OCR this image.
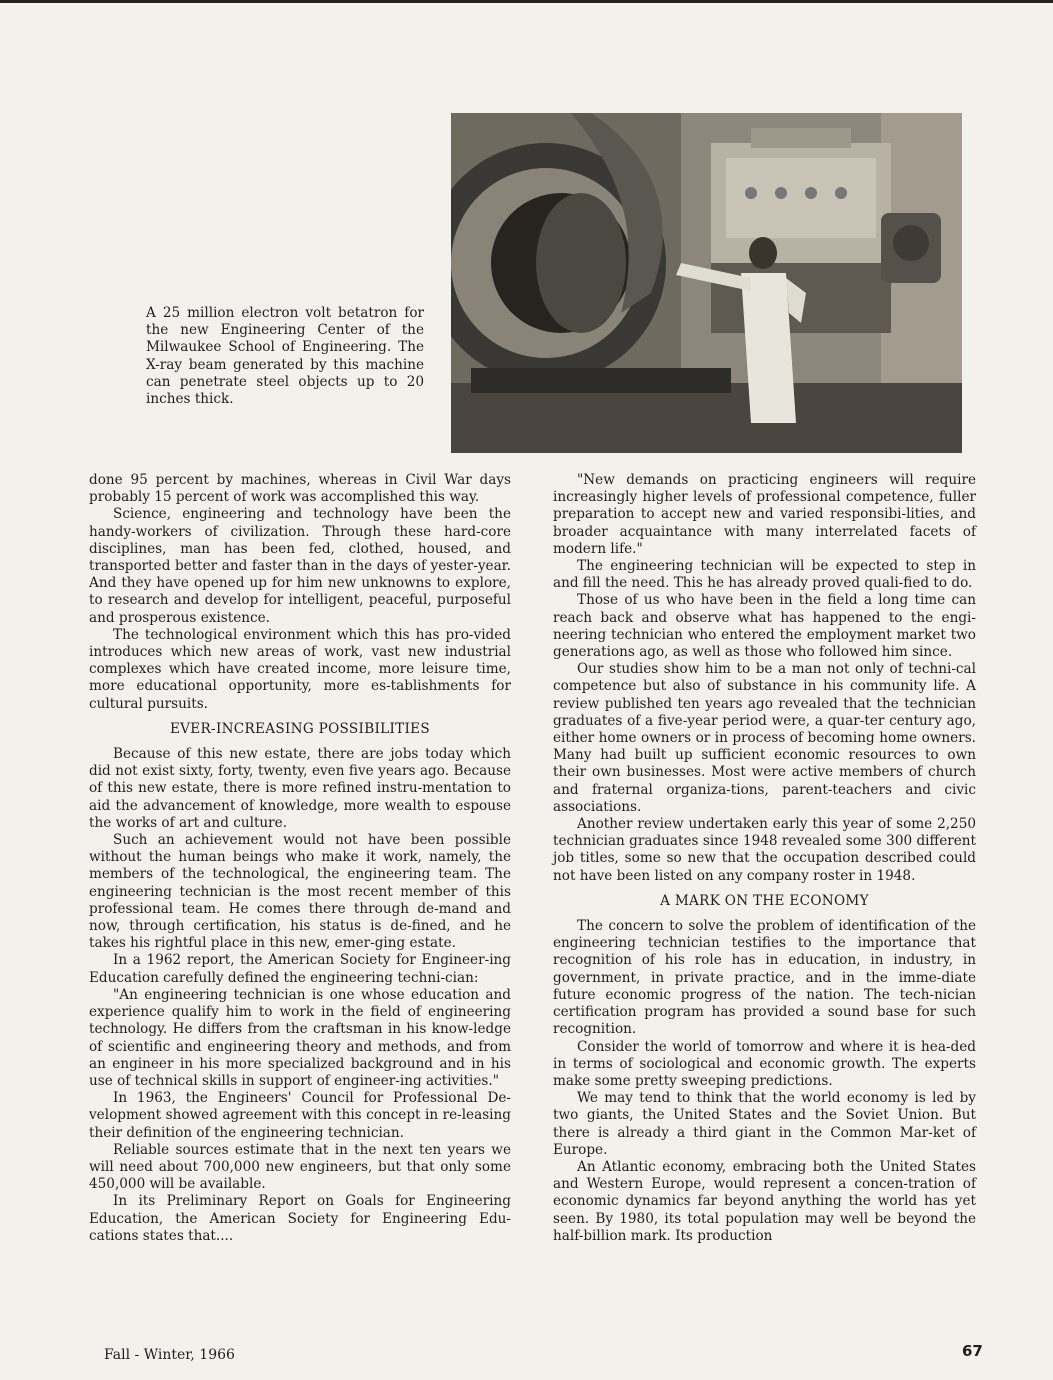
A 25 million electron volt betatron for the new Engineering Center of the Milwaukee School of Engineering. The X-ray beam generated by this machine can penetrate steel objects up to 20 inches thick.

done 95 percent by machines, whereas in Civil War days probably 15 percent of work was accomplished this way.

Science, engineering and technology have been the handy-workers of civilization. Through these hard-core disciplines, man has been fed, clothed, housed, and transported better and faster than in the days of yester-year. And they have opened up for him new unknowns to explore, to research and develop for intelligent, peaceful, purposeful and prosperous existence.

The technological environment which this has pro-vided introduces which new areas of work, vast new industrial complexes which have created income, more leisure time, more educational opportunity, more es-tablishments for cultural pursuits.

EVER-INCREASING POSSIBILITIES

Because of this new estate, there are jobs today which did not exist sixty, forty, twenty, even five years ago. Because of this new estate, there is more refined instru-mentation to aid the advancement of knowledge, more wealth to espouse the works of art and culture.

Such an achievement would not have been possible without the human beings who make it work, namely, the members of the technological, the engineering team. The engineering technician is the most recent member of this professional team. He comes there through de-mand and now, through certification, his status is de-fined, and he takes his rightful place in this new, emer-ging estate.

In a 1962 report, the American Society for Engineer-ing Education carefully defined the engineering techni-cian:

"An engineering technician is one whose education and experience qualify him to work in the field of engineering technology. He differs from the craftsman in his know-ledge of scientific and engineering theory and methods, and from an engineer in his more specialized background and in his use of technical skills in support of engineer-ing activities."

In 1963, the Engineers' Council for Professional De-velopment showed agreement with this concept in re-leasing their definition of the engineering technician.

Reliable sources estimate that in the next ten years we will need about 700,000 new engineers, but that only some 450,000 will be available.

In its Preliminary Report on Goals for Engineering Education, the American Society for Engineering Edu-cations states that....

"New demands on practicing engineers will require increasingly higher levels of professional competence, fuller preparation to accept new and varied responsibi-lities, and broader acquaintance with many interrelated facets of modern life."

The engineering technician will be expected to step in and fill the need. This he has already proved quali-fied to do.

Those of us who have been in the field a long time can reach back and observe what has happened to the engi-neering technician who entered the employment market two generations ago, as well as those who followed him since.

Our studies show him to be a man not only of techni-cal competence but also of substance in his community life. A review published ten years ago revealed that the technician graduates of a five-year period were, a quar-ter century ago, either home owners or in process of becoming home owners. Many had built up sufficient economic resources to own their own businesses. Most were active members of church and fraternal organiza-tions, parent-teachers and civic associations.

Another review undertaken early this year of some 2,250 technician graduates since 1948 revealed some 300 different job titles, some so new that the occupation described could not have been listed on any company roster in 1948.

A MARK ON THE ECONOMY

The concern to solve the problem of identification of the engineering technician testifies to the importance that recognition of his role has in education, in industry, in government, in private practice, and in the imme-diate future economic progress of the nation. The tech-nician certification program has provided a sound base for such recognition.

Consider the world of tomorrow and where it is hea-ded in terms of sociological and economic growth. The experts make some pretty sweeping predictions.

We may tend to think that the world economy is led by two giants, the United States and the Soviet Union. But there is already a third giant in the Common Mar-ket of Europe.

An Atlantic economy, embracing both the United States and Western Europe, would represent a concen-tration of economic dynamics far beyond anything the world has yet seen. By 1980, its total population may well be beyond the half-billion mark. Its production

Fall - Winter, 1966	67
